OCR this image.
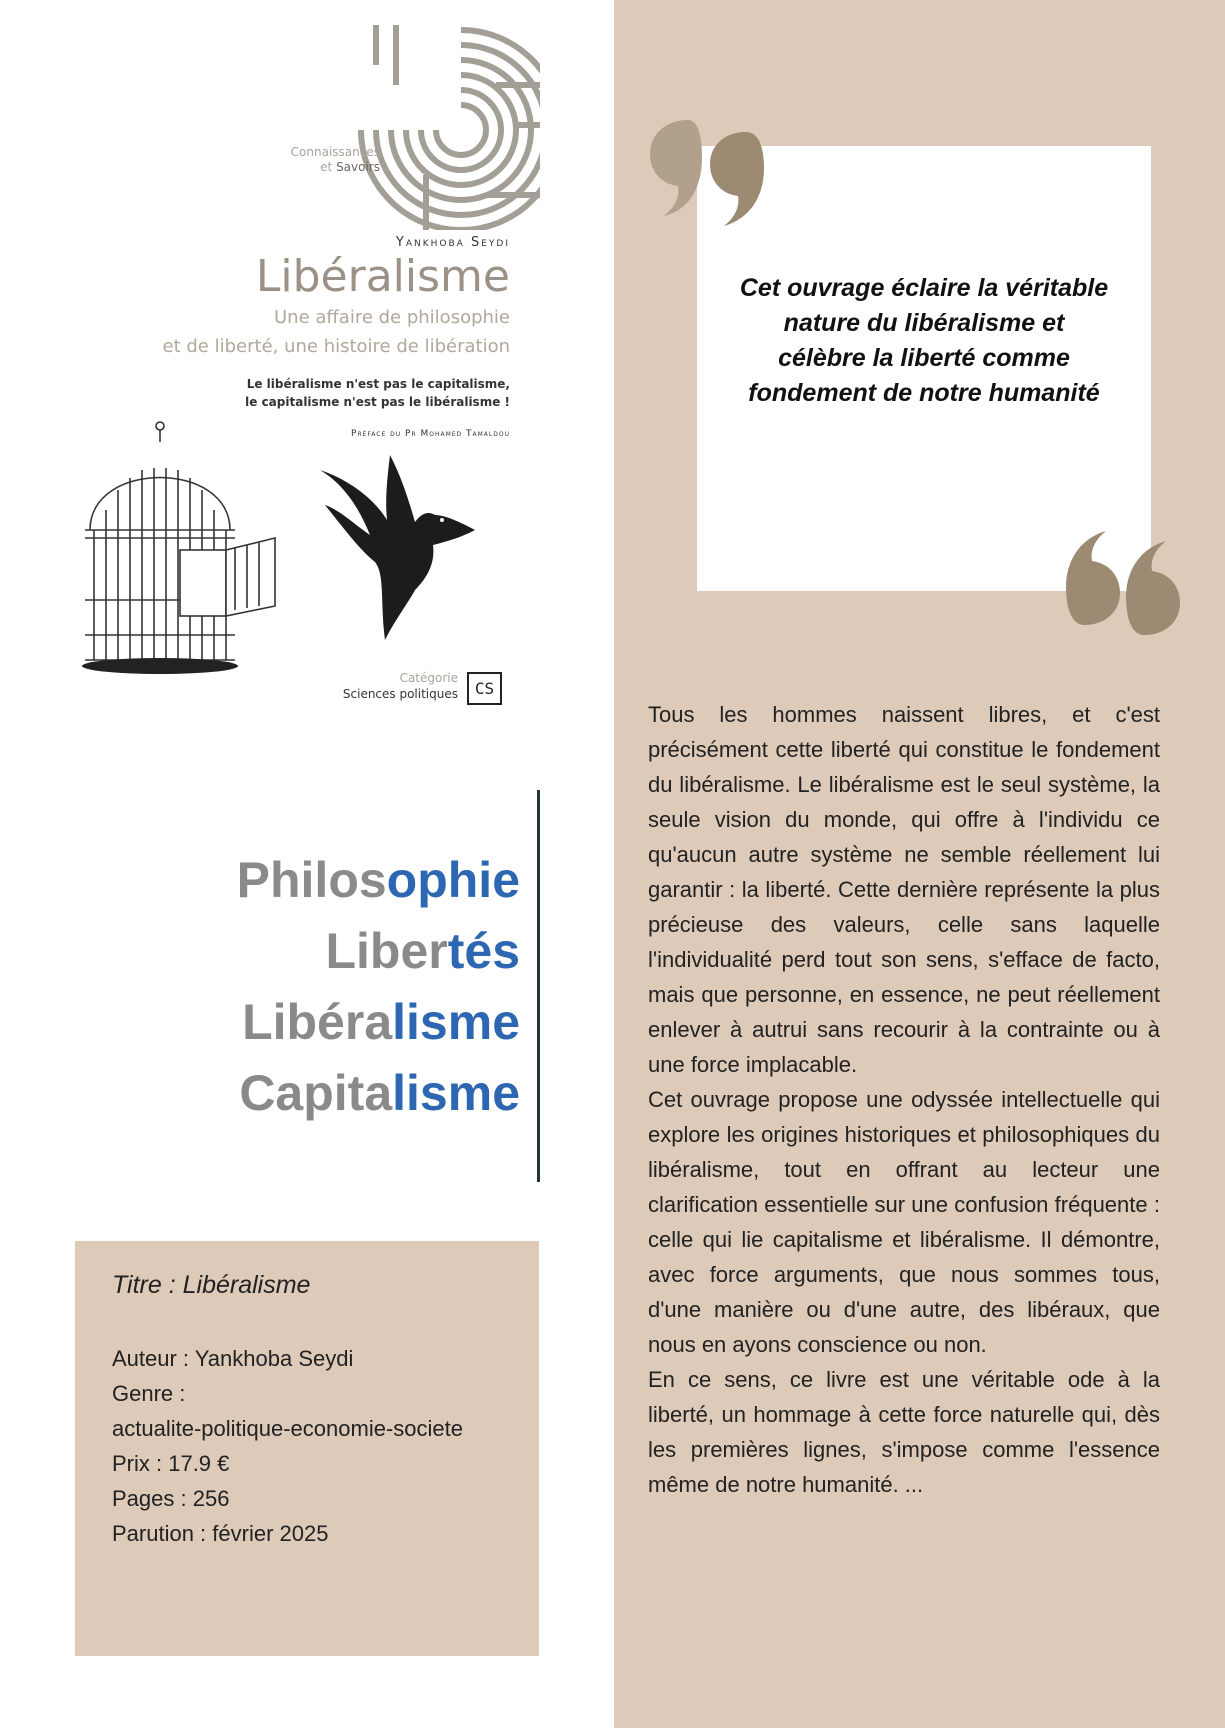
Connaissances
et Savoirs
Yankhoba Seydi
Libéralisme
Une affaire de philosophie
et de liberté, une histoire de libération
Le libéralisme n'est pas le capitalisme,
le capitalisme n'est pas le libéralisme !
Préface du Pr Mohamed Tamaldou
Catégorie
Sciences politiques	CS
Philosophie
Libertés
Libéralisme
Capitalisme
Titre : Libéralisme
Auteur : Yankhoba Seydi
Genre :
actualite-politique-economie-societe
Prix : 17.9 €
Pages : 256
Parution : février 2025
Cet ouvrage éclaire la véritable nature du libéralisme et célèbre la liberté comme fondement de notre humanité

Tous les hommes naissent libres, et c'est précisément cette liberté qui constitue le fondement du libéralisme. Le libéralisme est le seul système, la seule vision du monde, qui offre à l'individu ce qu'aucun autre système ne semble réellement lui garantir : la liberté. Cette dernière représente la plus précieuse des valeurs, celle sans laquelle l'individualité perd tout son sens, s'efface de facto, mais que personne, en essence, ne peut réellement enlever à autrui sans recourir à la contrainte ou à une force implacable.

Cet ouvrage propose une odyssée intellectuelle qui explore les origines historiques et philosophiques du libéralisme, tout en offrant au lecteur une clarification essentielle sur une confusion fréquente : celle qui lie capitalisme et libéralisme. Il démontre, avec force arguments, que nous sommes tous, d'une manière ou d'une autre, des libéraux, que nous en ayons conscience ou non.

En ce sens, ce livre est une véritable ode à la liberté, un hommage à cette force naturelle qui, dès les premières lignes, s'impose comme l'essence même de notre humanité. ...
